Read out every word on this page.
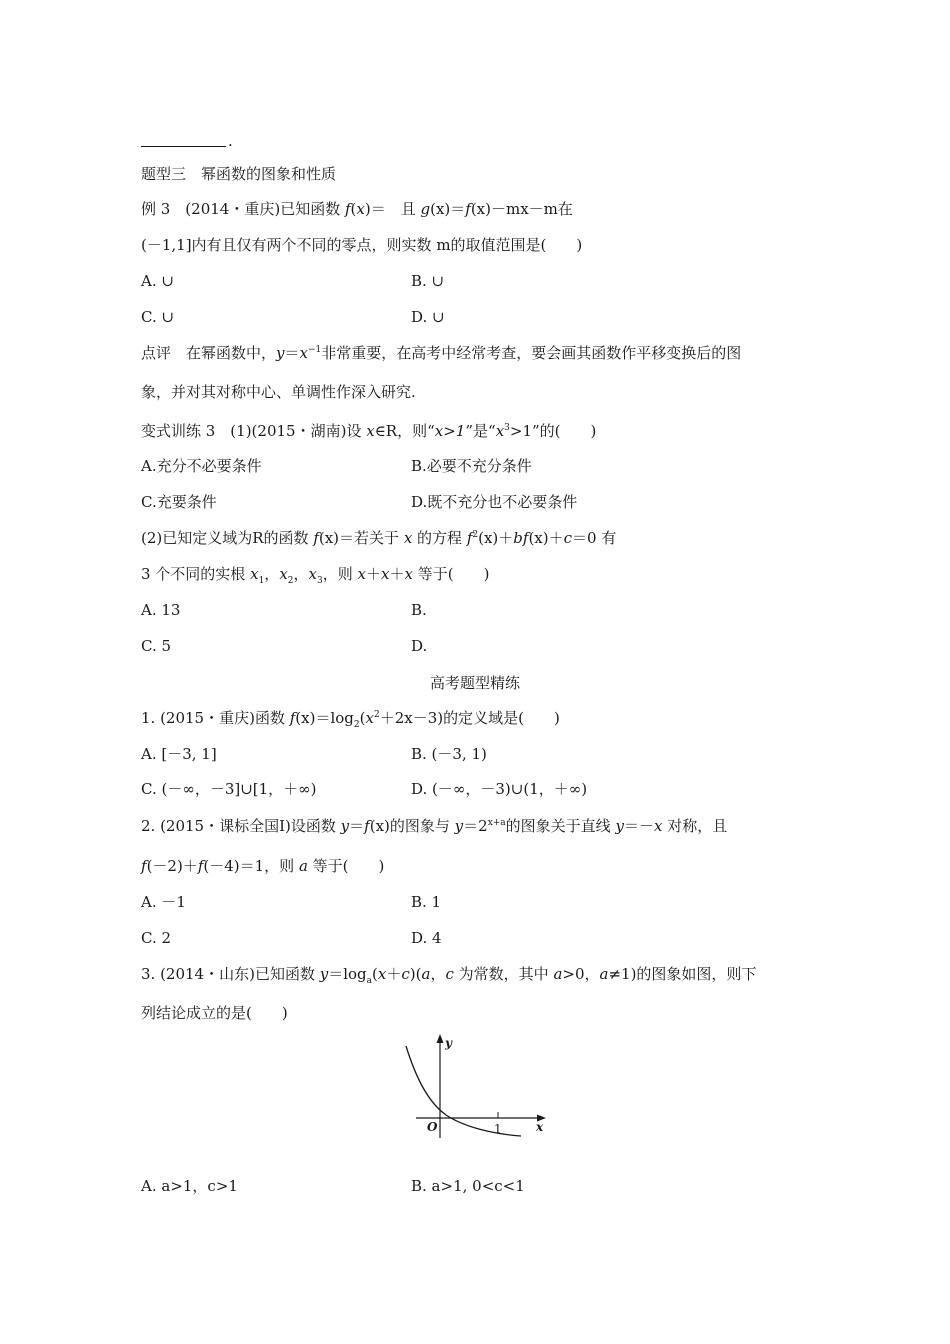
.
题型三　幂函数的图象和性质
例 3　(2014・重庆)已知函数 f(x)＝　且 g(x)＝f(x)－mx－m在
(－1,1]内有且仅有两个不同的零点，则实数 m的取值范围是(　　)
A. ∪	B. ∪
C. ∪	D. ∪
点评　在幂函数中，$y=x^{-1}$非常重要，在高考中经常考查，要会画其函数作平移变换后的图
象，并对其对称中心、单调性作深入研究.
变式训练 3　(1)(2015・湖南)设 x∈R，则“x>1”是“$x^3>1$”的(　　)
A.充分不必要条件	B.必要不充分条件
C.充要条件	D.既不充分也不必要条件
(2)已知定义域为R的函数 f(x)＝若关于 x 的方程 $f^2(x)+bf(x)+c=0$ 有
3 个不同的实根 $x_1$，$x_2$，$x_3$，则 x＋x＋x 等于(　　)
A. 13	B.
C. 5	D.
高考题型精练
1. (2015・重庆)函数 $f(x)=\log_2(x^2+2x-3)$的定义域是(　　)
A. [－3, 1]	B. (－3, 1)
C. (－∞，－3]∪[1，＋∞)	D. (－∞，－3)∪(1，＋∞)
2. (2015・课标全国Ⅰ)设函数 y＝f(x)的图象与 $y=2^{x+a}$的图象关于直线 y＝－x 对称，且
f(－2)＋f(－4)＝1，则 a 等于(　　)
A. －1	B. 1
C. 2	D. 4
3. (2014・山东)已知函数 $y=\log_a(x+c)(a$，c 为常数，其中 a>0，a≠1)的图象如图，则下
列结论成立的是(　　)
y
x
O	1
A. a>1，c>1	B. a>1, 0<c<1
